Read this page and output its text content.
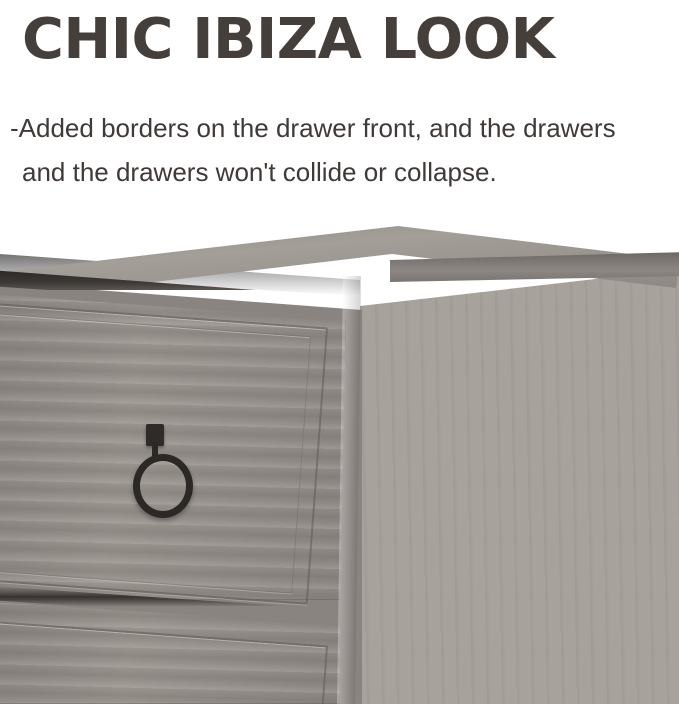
CHIC IBIZA LOOK
-Added borders on the drawer front, and the drawers
and the drawers won't collide or collapse.
